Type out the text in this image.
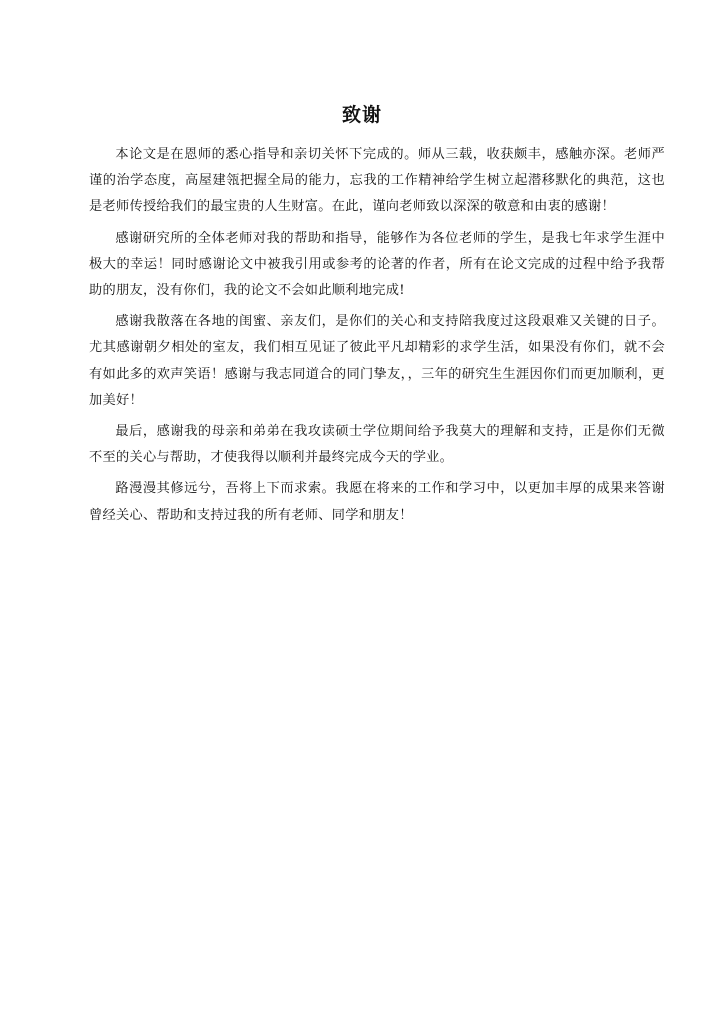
致谢

本论文是在恩师的悉心指导和亲切关怀下完成的。师从三载，收获颇丰，感触亦深。老师严谨的治学态度，高屋建瓴把握全局的能力，忘我的工作精神给学生树立起潜移默化的典范，这也是老师传授给我们的最宝贵的人生财富。在此，谨向老师致以深深的敬意和由衷的感谢！

感谢研究所的全体老师对我的帮助和指导，能够作为各位老师的学生，是我七年求学生涯中极大的幸运！同时感谢论文中被我引用或参考的论著的作者，所有在论文完成的过程中给予我帮助的朋友，没有你们，我的论文不会如此顺利地完成!

感谢我散落在各地的闺蜜、亲友们，是你们的关心和支持陪我度过这段艰难又关键的日子。尤其感谢朝夕相处的室友，我们相互见证了彼此平凡却精彩的求学生活，如果没有你们，就不会有如此多的欢声笑语！感谢与我志同道合的同门挚友，，三年的研究生生涯因你们而更加顺利，更加美好！

最后，感谢我的母亲和弟弟在我攻读硕士学位期间给予我莫大的理解和支持，正是你们无微不至的关心与帮助，才使我得以顺利并最终完成今天的学业。

路漫漫其修远兮，吾将上下而求索。我愿在将来的工作和学习中，以更加丰厚的成果来答谢曾经关心、帮助和支持过我的所有老师、同学和朋友！
